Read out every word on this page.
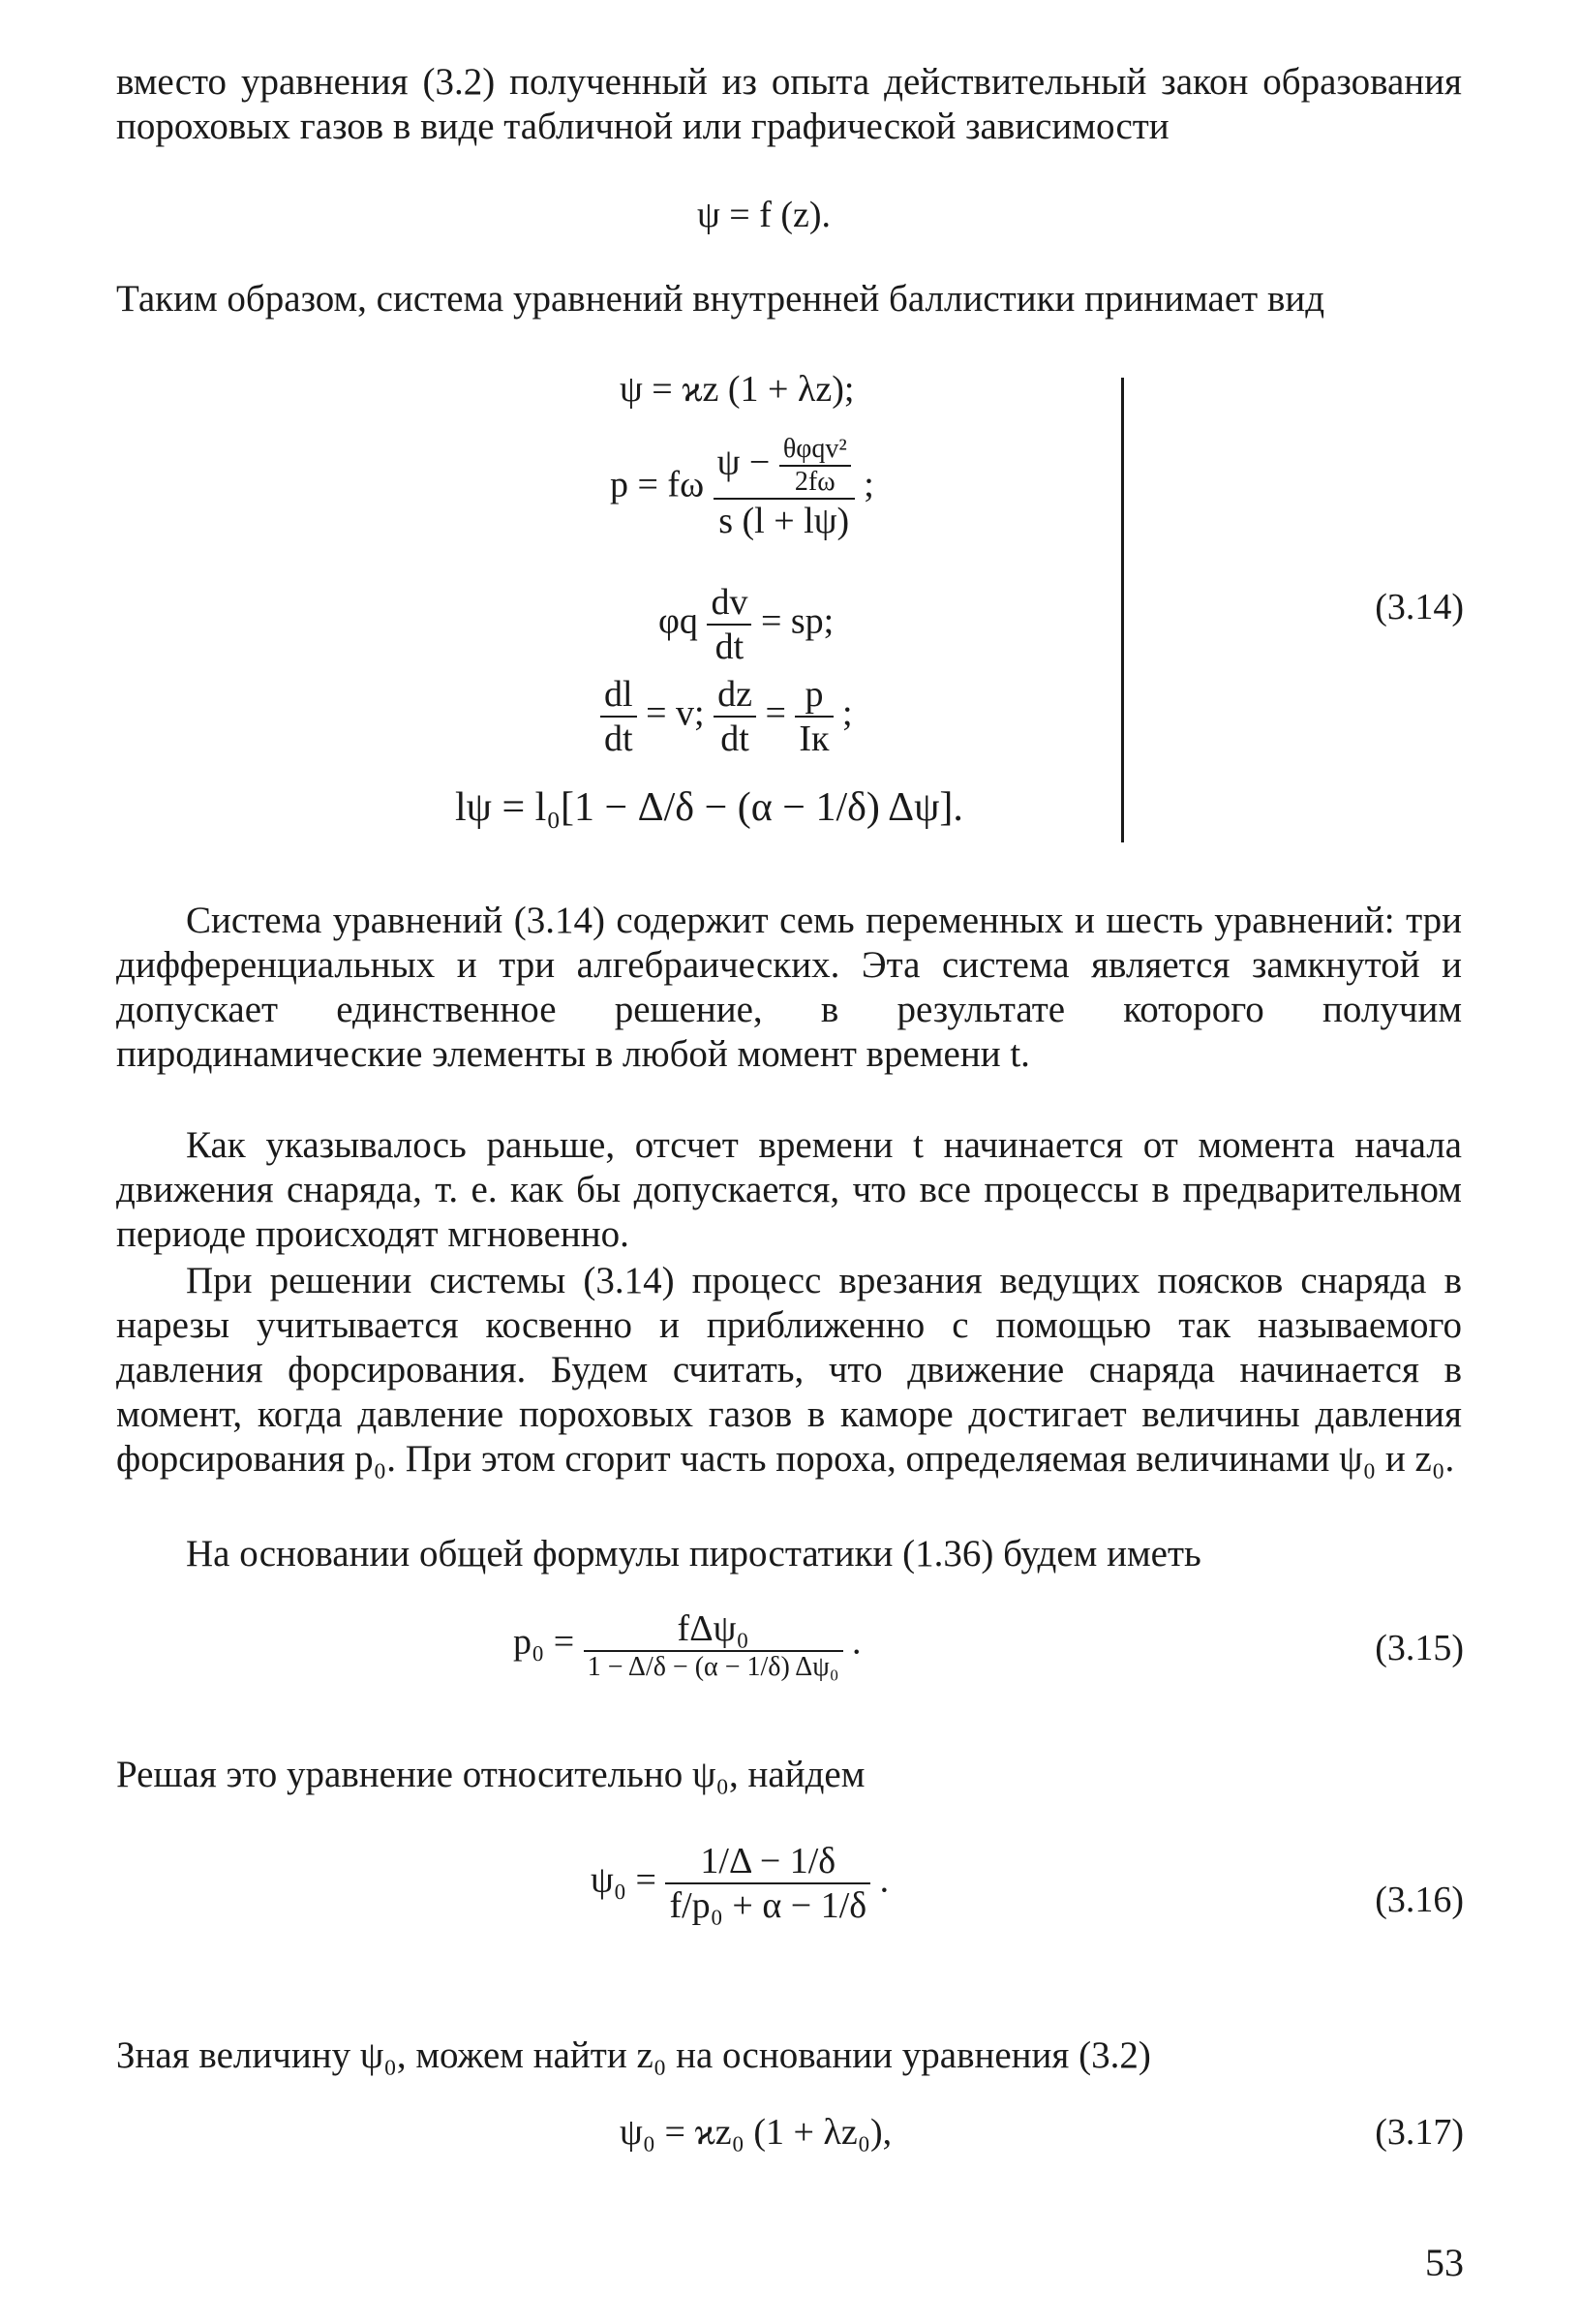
вместо уравнения (3.2) полученный из опыта действительный закон образования пороховых газов в виде табличной или графической зависимости

ψ = f (z).

Таким образом, система уравнений внутренней баллистики принимает вид

ψ = ϰz (1 + λz);
p = fω $\frac{\psi - \frac{\text{θφqv²}}{2f\omega}}{s (l + l\psi)}$ ;
φq $\frac{dv}{dt}$ = sp;
$\frac{dl}{dt} = v$; $\frac{dz}{dt} = \frac{p}{Iк}$ ;
lψ = l₀[1 − Δ/δ − (α − 1/δ) Δψ].
(3.14)

Система уравнений (3.14) содержит семь переменных и шесть уравнений: три дифференциальных и три алгебраических. Эта система является замкнутой и допускает единственное решение, в результате которого получим пиродинамические элементы в любой момент времени t.

Как указывалось раньше, отсчет времени t начинается от момента начала движения снаряда, т. е. как бы допускается, что все процессы в предварительном периоде происходят мгновенно.

При решении системы (3.14) процесс врезания ведущих поясков снаряда в нарезы учитывается косвенно и приближенно с помощью так называемого давления форсирования. Будем считать, что движение снаряда начинается в момент, когда давление пороховых газов в каморе достигает величины давления форсирования p₀. При этом сгорит часть пороха, определяемая величинами ψ₀ и z₀.

На основании общей формулы пиростатики (1.36) будем иметь

$p_0 = \frac{\text{fΔψ₀}}{\text{1 − Δ/δ − (α − 1/δ) Δψ₀}}$ .	(3.15)

Решая это уравнение относительно ψ₀, найдем

$\psi_0 = \frac{1/\Delta - 1/\delta}{\text{f/p₀ + α − 1/δ}}$ .	(3.16)

Зная величину ψ₀, можем найти z₀ на основании уравнения (3.2)

ψ₀ = ϰz₀ (1 + λz₀),	(3.17)
53
